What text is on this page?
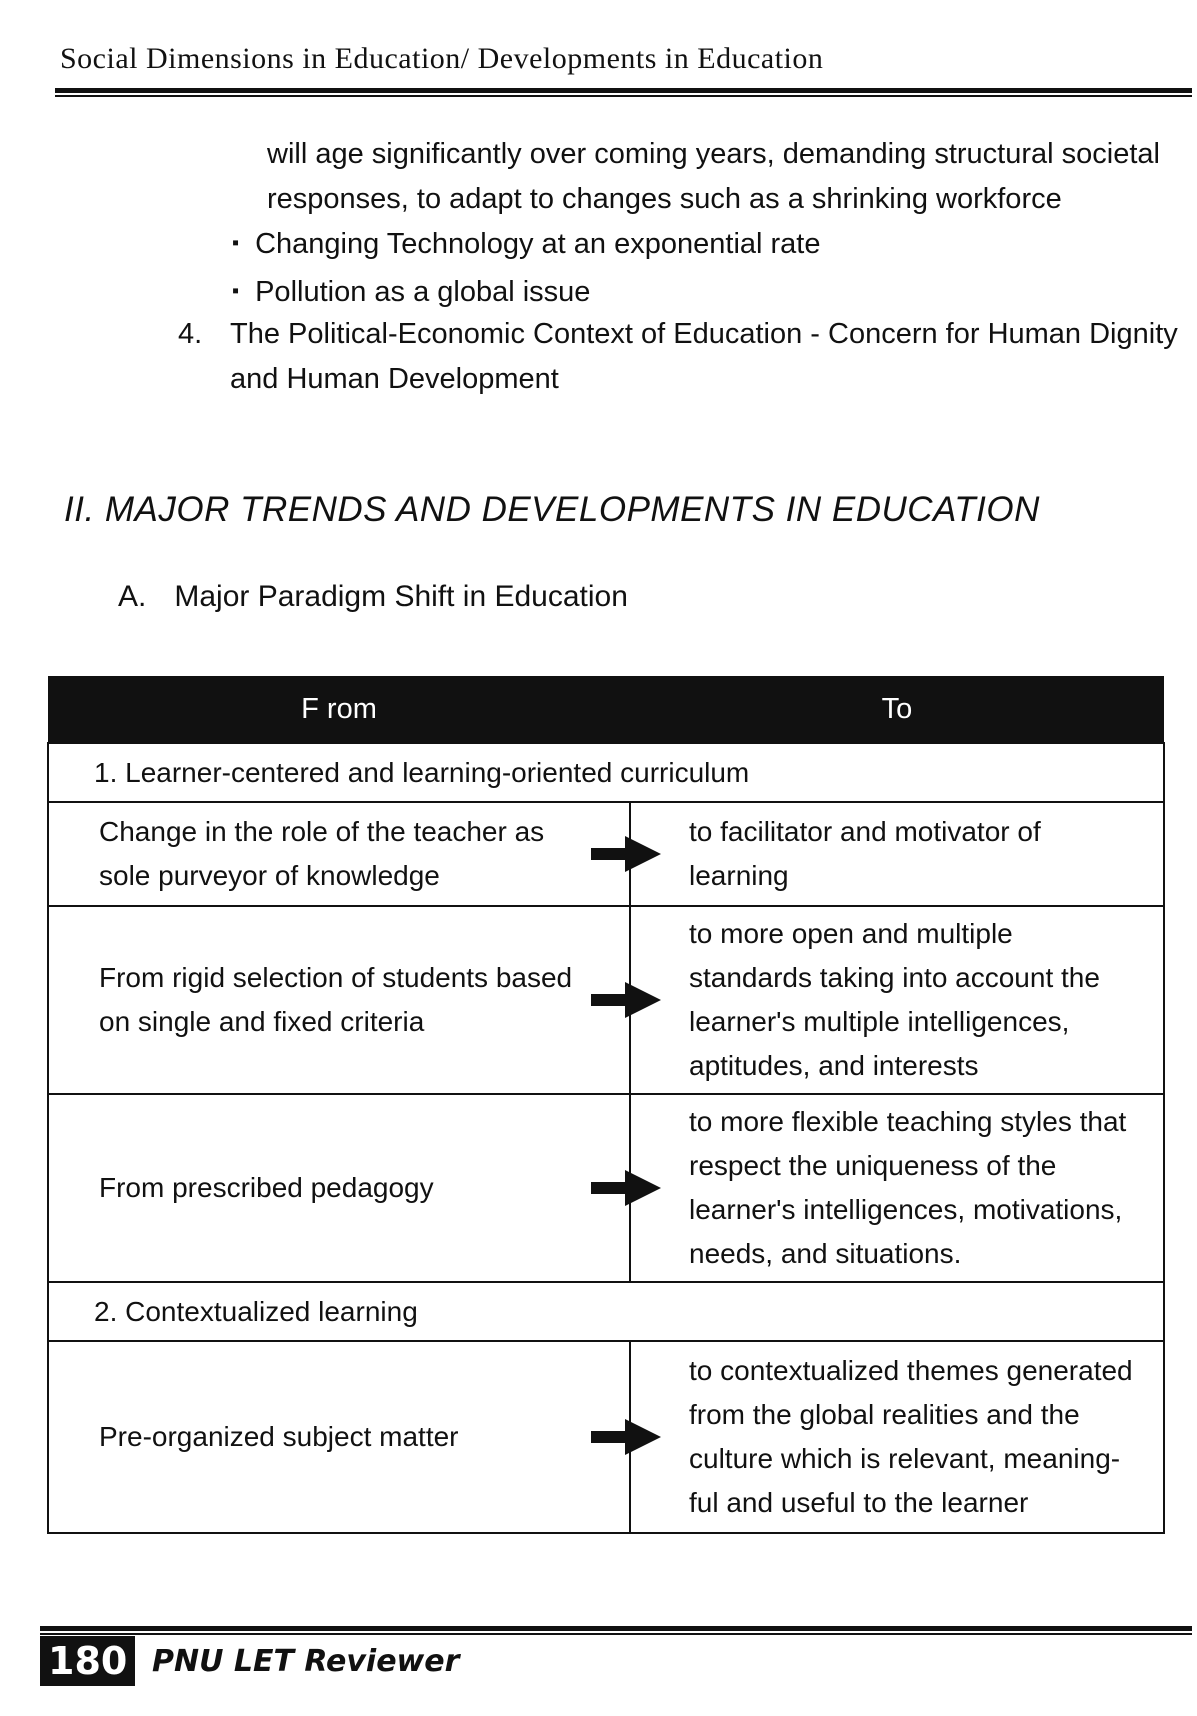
Social Dimensions in Education/ Developments in Education
will age significantly over coming years, demanding structural societal responses, to adapt to changes such as a shrinking workforce
▪ Changing Technology at an exponential rate
▪ Pollution as a global issue
4. The Political-Economic Context of Education - Concern for Human Dignity and Human Development
II. MAJOR TRENDS AND DEVELOPMENTS IN EDUCATION
A. Major Paradigm Shift in Education
F rom	To
1. Learner-centered and learning-oriented curriculum	
Change in the role of the teacher as sole purveyor of knowledge	to facilitator and motivator of learning
From rigid selection of students based on single and fixed criteria	to more open and multiple standards taking into account the learner's multiple intelligences, aptitudes, and interests
From prescribed pedagogy	to more flexible teaching styles that respect the uniqueness of the learner's intelligences, motivations, needs, and situations.
2. Contextualized learning	
Pre-organized subject matter	to contextualized themes generated from the global realities and the culture which is relevant, meaning-ful and useful to the learner
180 PNU LET Reviewer
